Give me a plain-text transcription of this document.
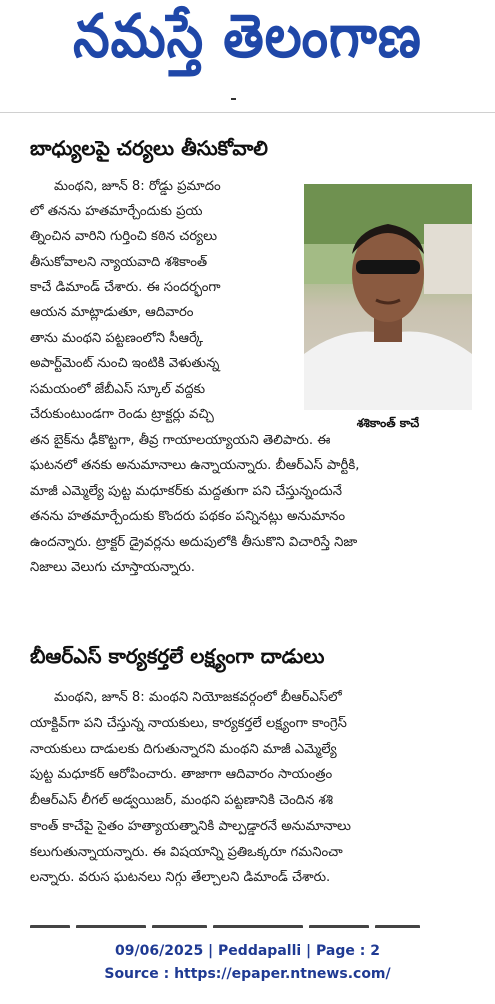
నమస్తే తెలంగాణ
బాధ్యులపై చర్యలు తీసుకోవాలి
శశికాంత్ కాచే
మంథని, జూన్ 8: రోడ్డు ప్రమాదం
లో తనను హతమార్చేందుకు ప్రయ
త్నించిన వారిని గుర్తించి కఠిన చర్యలు
తీసుకోవాలని న్యాయవాది శశికాంత్
కాచే డిమాండ్ చేశారు. ఈ సందర్భంగా
ఆయన మాట్లాడుతూ, ఆదివారం
తాను మంథని పట్టణంలోని సీఆర్కే
అపార్ట్‌మెంట్ నుంచి ఇంటికి వెళుతున్న
సమయంలో జేబీఎస్ స్కూల్ వద్దకు
చేరుకుంటుండగా రెండు ట్రాక్టర్లు వచ్చి
తన బైక్‌ను ఢీకొట్టగా, తీవ్ర గాయాలయ్యాయని తెలిపారు. ఈ
ఘటనలో తనకు అనుమానాలు ఉన్నాయన్నారు. బీఆర్ఎస్ పార్టీకి,
మాజీ ఎమ్మెల్యే పుట్ట మధూకర్‌కు మద్దతుగా పని చేస్తున్నందునే
తనను హతమార్చేందుకు కొందరు పథకం పన్నినట్లు అనుమానం
ఉందన్నారు. ట్రాక్టర్ డ్రైవర్లను అదుపులోకి తీసుకొని విచారిస్తే నిజా
నిజాలు వెలుగు చూస్తాయన్నారు.
బీఆర్ఎస్ కార్యకర్తలే లక్ష్యంగా దాడులు
మంథని, జూన్ 8: మంథని నియోజకవర్గంలో బీఆర్ఎస్‌లో
యాక్టివ్‌గా పని చేస్తున్న నాయకులు, కార్యకర్తలే లక్ష్యంగా కాంగ్రెస్
నాయకులు దాడులకు దిగుతున్నారని మంథని మాజీ ఎమ్మెల్యే
పుట్ట మధూకర్ ఆరోపించారు. తాజాగా ఆదివారం సాయంత్రం
బీఆర్ఎస్ లీగల్ అడ్వయిజర్, మంథని పట్టణానికి చెందిన శశి
కాంత్ కాచేపై సైతం హత్యాయత్నానికి పాల్పడ్డారనే అనుమానాలు
కలుగుతున్నాయన్నారు. ఈ విషయాన్ని ప్రతిఒక్కరూ గమనించా
లన్నారు. వరుస ఘటనలు నిగ్గు తేల్చాలని డిమాండ్ చేశారు.
09/06/2025 | Peddapalli | Page : 2
Source : https://epaper.ntnews.com/
